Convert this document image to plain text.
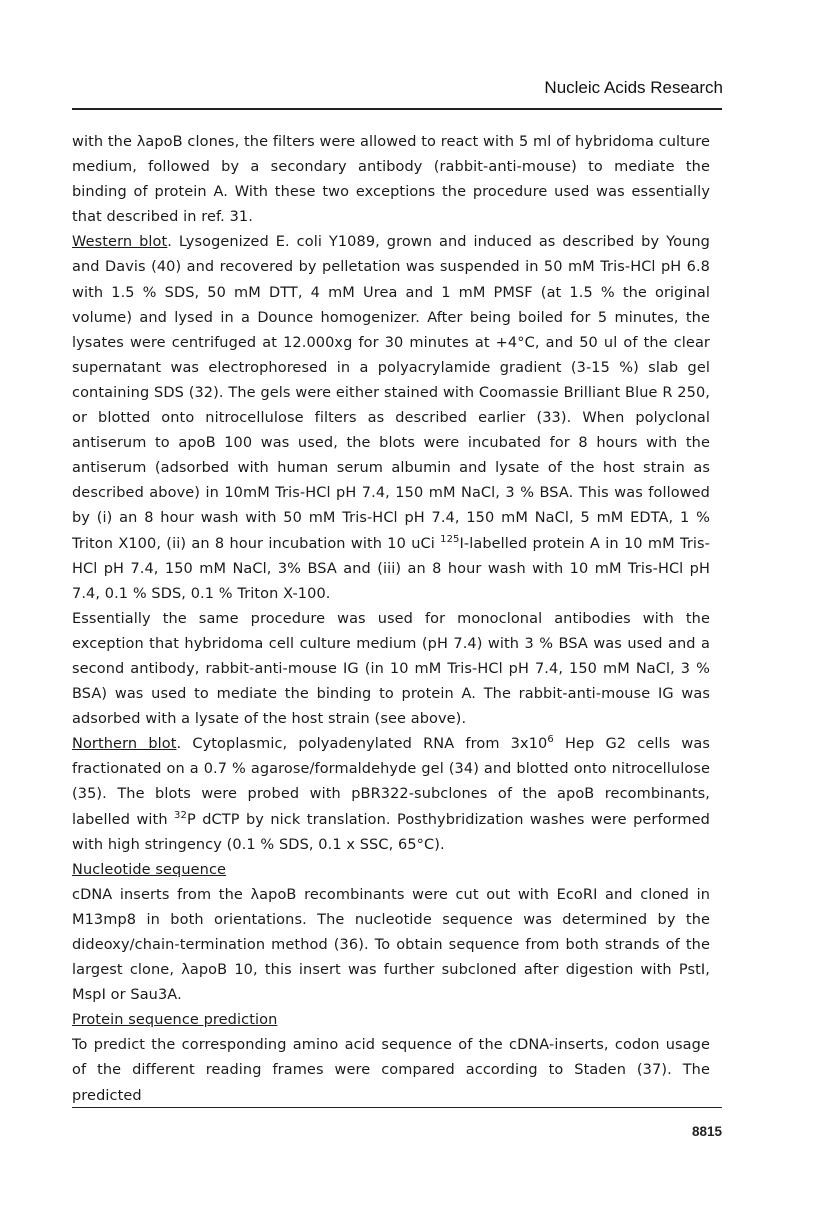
Nucleic Acids Research

with the λapoB clones, the filters were allowed to react with 5 ml of hybridoma culture medium, followed by a secondary antibody (rabbit-anti-mouse) to mediate the binding of protein A. With these two exceptions the procedure used was essentially that described in ref. 31.

Western blot. Lysogenized E. coli Y1089, grown and induced as described by Young and Davis (40) and recovered by pelletation was suspended in 50 mM Tris-HCl pH 6.8 with 1.5 % SDS, 50 mM DTT, 4 mM Urea and 1 mM PMSF (at 1.5 % the original volume) and lysed in a Dounce homogenizer. After being boiled for 5 minutes, the lysates were centrifuged at 12.000xg for 30 minutes at +4°C, and 50 ul of the clear supernatant was electrophoresed in a polyacrylamide gradient (3-15 %) slab gel containing SDS (32). The gels were either stained with Coomassie Brilliant Blue R 250, or blotted onto nitrocellulose filters as described earlier (33). When polyclonal antiserum to apoB 100 was used, the blots were incubated for 8 hours with the antiserum (adsorbed with human serum albumin and lysate of the host strain as described above) in 10mM Tris-HCl pH 7.4, 150 mM NaCl, 3 % BSA. This was followed by (i) an 8 hour wash with 50 mM Tris-HCl pH 7.4, 150 mM NaCl, 5 mM EDTA, 1 % Triton X100, (ii) an 8 hour incubation with 10 uCi $^{125}$I-labelled protein A in 10 mM Tris-HCl pH 7.4, 150 mM NaCl, 3% BSA and (iii) an 8 hour wash with 10 mM Tris-HCl pH 7.4, 0.1 % SDS, 0.1 % Triton X-100.

Essentially the same procedure was used for monoclonal antibodies with the exception that hybridoma cell culture medium (pH 7.4) with 3 % BSA was used and a second antibody, rabbit-anti-mouse IG (in 10 mM Tris-HCl pH 7.4, 150 mM NaCl, 3 % BSA) was used to mediate the binding to protein A. The rabbit-anti-mouse IG was adsorbed with a lysate of the host strain (see above).

Northern blot. Cytoplasmic, polyadenylated RNA from $3x10^6$ Hep G2 cells was fractionated on a 0.7 % agarose/formaldehyde gel (34) and blotted onto nitrocellulose (35). The blots were probed with pBR322-subclones of the apoB recombinants, labelled with $^{32}$P dCTP by nick translation. Posthybridization washes were performed with high stringency (0.1 % SDS, 0.1 x SSC, 65°C).

Nucleotide sequence

cDNA inserts from the λapoB recombinants were cut out with EcoRI and cloned in M13mp8 in both orientations. The nucleotide sequence was determined by the dideoxy/chain-termination method (36). To obtain sequence from both strands of the largest clone, λapoB 10, this insert was further subcloned after digestion with PstI, MspI or Sau3A.

Protein sequence prediction

To predict the corresponding amino acid sequence of the cDNA-inserts, codon usage of the different reading frames were compared according to Staden (37). The predicted

8815
